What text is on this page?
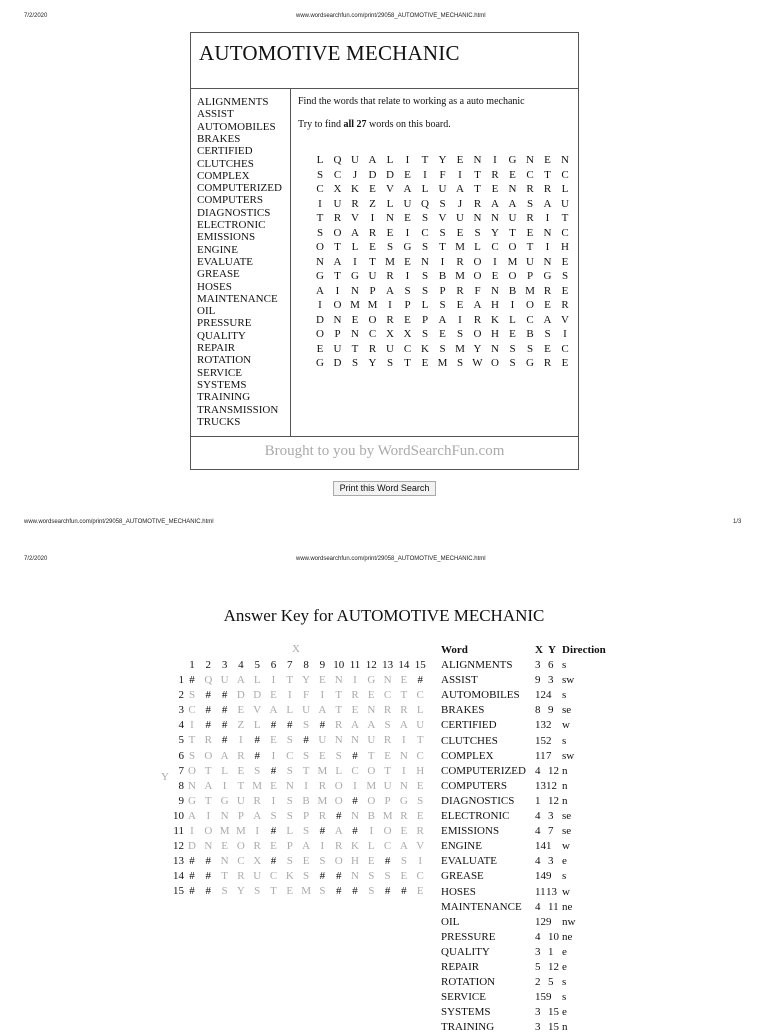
7/2/2020	www.wordsearchfun.com/print/29058_AUTOMOTIVE_MECHANIC.html
AUTOMOTIVE MECHANIC
ALIGNMENTS
ASSIST
AUTOMOBILES
BRAKES
CERTIFIED
CLUTCHES
COMPLEX
COMPUTERIZED
COMPUTERS
DIAGNOSTICS
ELECTRONIC
EMISSIONS
ENGINE
EVALUATE
GREASE
HOSES
MAINTENANCE
OIL
PRESSURE
QUALITY
REPAIR
ROTATION
SERVICE
SYSTEMS
TRAINING
TRANSMISSION
TRUCKS
Find the words that relate to working as a auto mechanic
Try to find all 27 words on this board.
L Q U A L	I	T Y E N	I	G N E N
S C	J	D D E	I	F	I	T R E C T C
C X K E V A L U A T E N R R L
I	U R Z L U Q S	J	R A A S A U
T R V	I	N E	S V U N N U R	I	T
S O A R E	I	C S	E	S Y T E N C
O T L E	S G S	T M L C O T	I	H
N A	I	T M E N	I	R O	I M U N E
G T G U R	I	S B M O E O P G S
A	I	N P A S	S	P R F N B M R E
I	O M M I	P	L	S	E A H	I	O E R
D N E O R E	P A	I	R K L C A V
O P N C X X S	E	S O H E B S	I
E U T R U C K S M Y N S	S	E C
G D S Y S	T E M S W O S G R E
Brought to you by WordSearchFun.com
Print this Word Search
www.wordsearchfun.com/print/29058_AUTOMOTIVE_MECHANIC.html	1/3
7/2/2020	www.wordsearchfun.com/print/29058_AUTOMOTIVE_MECHANIC.html
Answer Key for AUTOMOTIVE MECHANIC
X
Y
1 2 3 4 5 6 7 8 9 10 11 12 13 14 15
1
2
3
4
5
6
7
8
9
10
11
12
13
14
15
# Q U A L	I	T Y E N I G N E #
S # # D D E	I	F	I	T R E C T C
C # # E V A L U A T E N R R L
I	# # Z L # # S # R A A S A U
T R #	I	# E S # U N N U R I	T
S O A R #	I C S E S # T E N C
O T L E S # S T M L C O T	I H
N A I	T M E N I R O I M U N E
G T G U R I	S B M O # O P G S
A I N P A S S P R # N B M R E
I O M M I	# L S # A #	I O E R
D N E O R E P A I R K L C A V
# # N C X # S E S O H E # S	I
# # T R U C K S # # N S S E C
# # S Y S T E M S # # S # # E
Word	X Y Direction
ALIGNMENTS 3 6 s
ASSIST	9 3 sw
AUTOMOBILES 12 4 s
BRAKES	8 9 se
CERTIFIED	13 2 w
CLUTCHES	15 2 s
COMPLEX	11 7 sw
COMPUTERIZED 4 12 n
COMPUTERS	13 12 n
DIAGNOSTICS 1 12 n
ELECTRONIC 4 3 se
EMISSIONS	4 7 se
ENGINE	14 1 w
EVALUATE	4 3 e
GREASE	14 9 s
HOSES	11 13 w
MAINTENANCE 4 11 ne
OIL	12 9 nw
PRESSURE	4 10 ne
QUALITY	3 1 e
REPAIR	5 12 e
ROTATION	2 5 s
SERVICE	15 9 s
SYSTEMS	3 15 e
TRAINING	3 15 n
